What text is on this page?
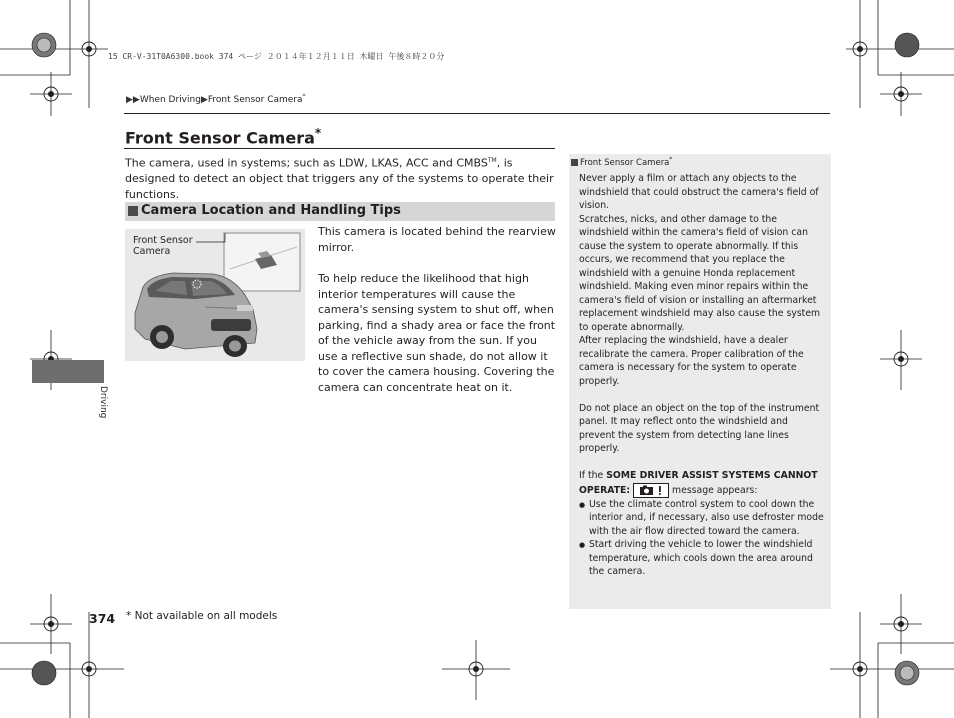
15 CR-V-31T0A6300.book 374 ページ ２０１４年１２月１１日 木曜日 午後８時２０分
▶▶When Driving▶Front Sensor Camera*
Front Sensor Camera*
The camera, used in systems; such as LDW, LKAS, ACC and CMBS™, is designed to detect an object that triggers any of the systems to operate their functions.
Camera Location and Handling Tips
Front Sensor
Camera

This camera is located behind the rearview mirror.

To help reduce the likelihood that high interior temperatures will cause the camera's sensing system to shut off, when parking, find a shady area or face the front of the vehicle away from the sun. If you use a reflective sun shade, do not allow it to cover the camera housing. Covering the camera can concentrate heat on it.

Front Sensor Camera*

Never apply a film or attach any objects to the windshield that could obstruct the camera's field of vision.

Scratches, nicks, and other damage to the windshield within the camera's field of vision can cause the system to operate abnormally. If this occurs, we recommend that you replace the windshield with a genuine Honda replacement windshield. Making even minor repairs within the camera's field of vision or installing an aftermarket replacement windshield may also cause the system to operate abnormally.

After replacing the windshield, have a dealer recalibrate the camera. Proper calibration of the camera is necessary for the system to operate properly.

Do not place an object on the top of the instrument panel. It may reflect onto the windshield and prevent the system from detecting lane lines properly.

If the SOME DRIVER ASSIST SYSTEMS CANNOT OPERATE:	message appears:

● Use the climate control system to cool down the interior and, if necessary, also use defroster mode with the air flow directed toward the camera.
● Start driving the vehicle to lower the windshield temperature, which cools down the area around the camera.
Driving
374 * Not available on all models
